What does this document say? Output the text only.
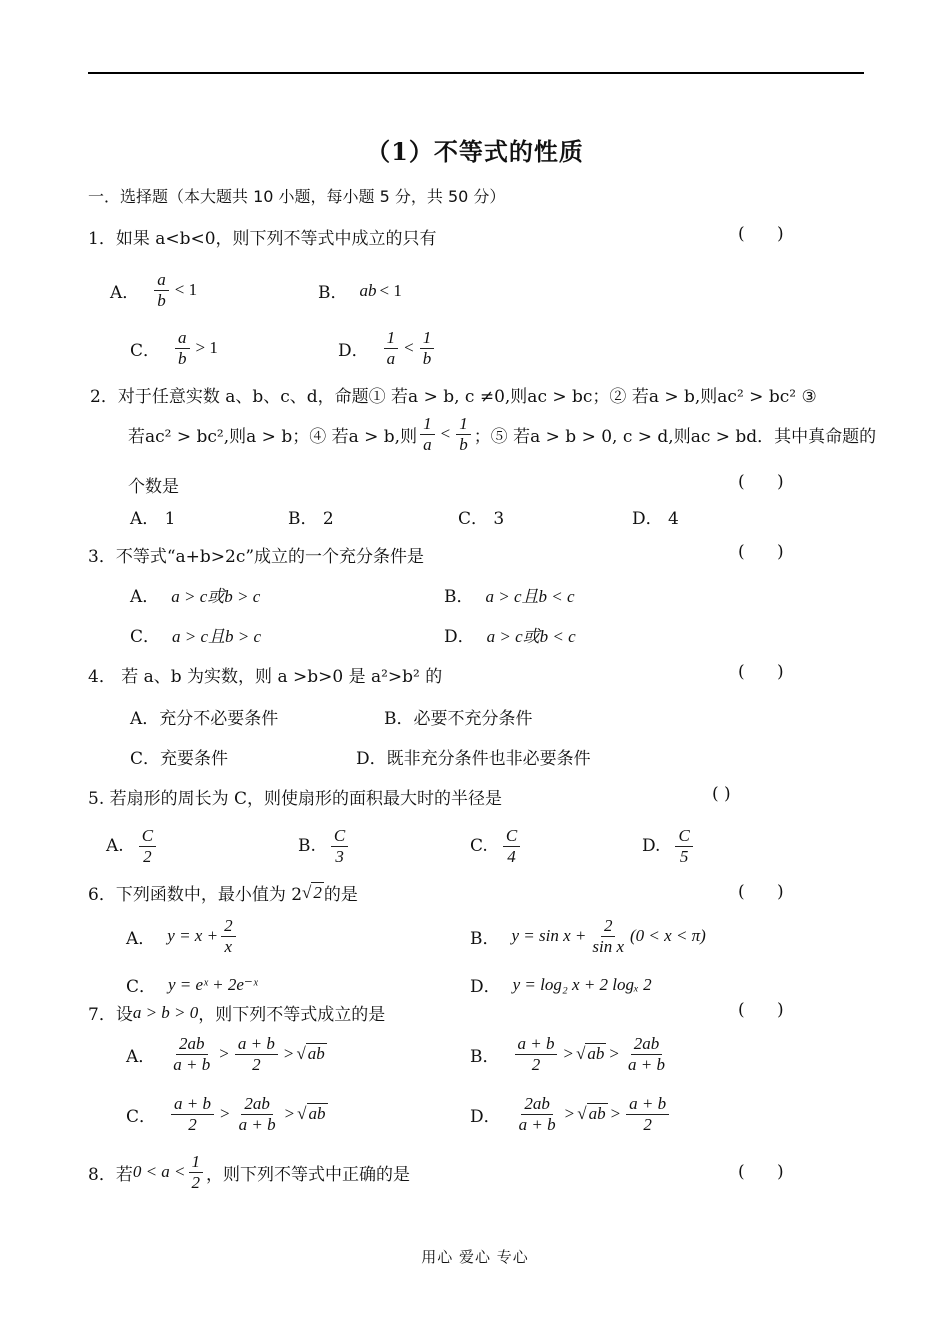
（1）不等式的性质
一．选择题（本大题共 10 小题，每小题 5 分，共 50 分）
1．如果 a<b<0，则下列不等式中成立的只有	(      )
A． $\frac{a}{b} < 1$	B． ab < 1
C． $\frac{a}{b} > 1$	D． $\frac{1}{a} < \frac{1}{b}$
2．对于任意实数 a、b、c、d，命题① 若a > b, c ≠0,则ac > bc；② 若a > b,则ac² > bc² ③
若ac² > bc²,则a > b；④ 若a > b,则 $\frac{1}{a} < \frac{1}{b}$ ；⑤ 若a > b > 0, c > d,则ac > bd．其中真命题的
个数是	(      )
A． 1	B． 2	C． 3	D． 4
3．不等式“a+b>2c”成立的一个充分条件是	(      )
A． a > c或b > c	B． a > c且b < c
C． a > c且b > c	D． a > c或b < c
4． 若 a、b 为实数，则 a >b>0 是 a²>b² 的	(      )
A．充分不必要条件	B．必要不充分条件
C．充要条件	D．既非充分条件也非必要条件
5. 若扇形的周长为 C，则使扇形的面积最大时的半径是	( )
A. $\frac{C}{2}$	B. $\frac{C}{3}$	C. $\frac{C}{4}$	D. $\frac{C}{5}$
6．下列函数中，最小值为 2 √ 2 的是	(      )
A． $y = x + \frac{2}{x}$	B． $y = \sin x + \frac{2}{\text{sin x}} (0 < x < \pi)$
C． y = eˣ + 2e⁻ˣ	D． y = log₂ x + 2 logₓ 2
7．设 a > b > 0 ，则下列不等式成立的是	(      )
A． $\frac{2ab}{a + b} > \frac{a + b}{2}$ > √ ab	B． $\frac{a + b}{2}$ > √ ab > $\frac{2ab}{a + b}$
C． $\frac{a + b}{2} > \frac{2ab}{a + b}$ > √ ab	D． $\frac{2ab}{a + b}$ > √ ab > $\frac{a + b}{2}$
8．若 $0 < a < \frac{1}{2}$ ，则下列不等式中正确的是	(      )
用心 爱心 专心
